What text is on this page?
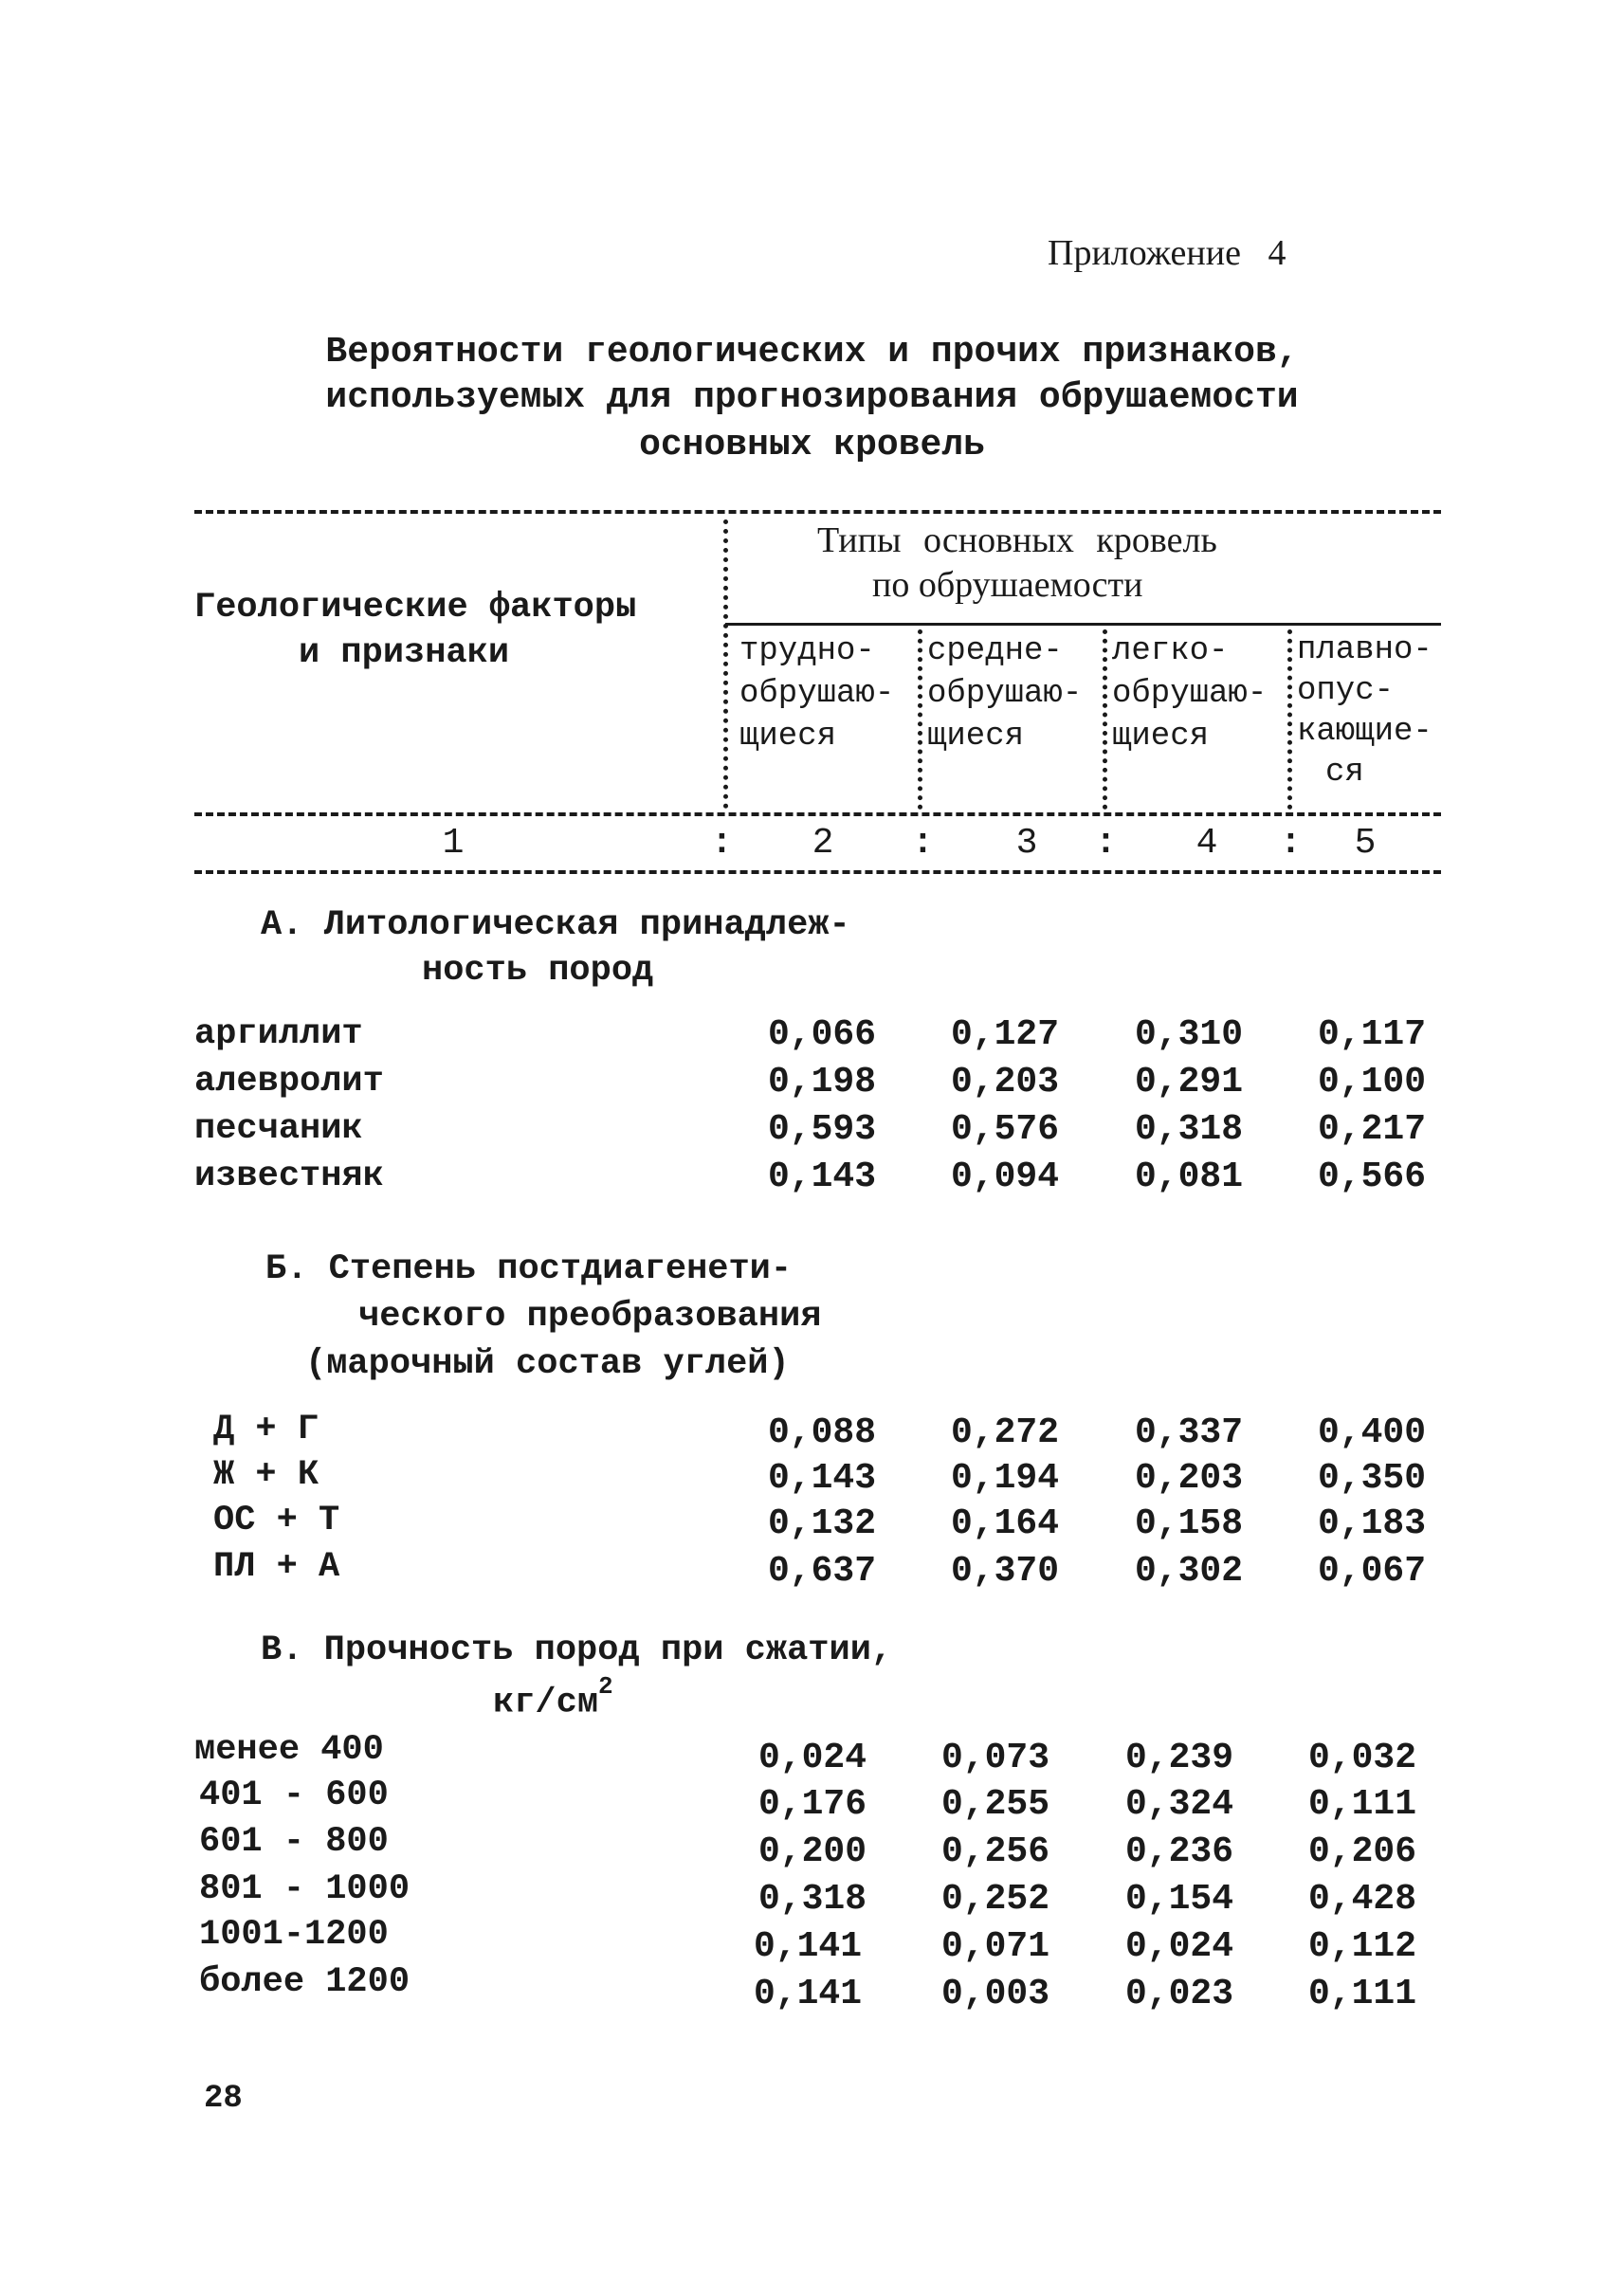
Приложение 4
Вероятности геологических и прочих признаков,
используемых для прогнозирования обрушаемости
основных кровель
Геологические факторы
и признаки
Типы основных кровель
по обрушаемости
трудно-
обрушаю-
щиеся
средне-
обрушаю-
щиеся
легко-
обрушаю-
щиеся
плавно-
опус-
кающие-
ся
1	: 2 : 3 : 4 : 5
А. Литологическая принадлеж-
ность пород
аргиллит	0,066 0,127 0,310 0,117
алевролит	0,198 0,203 0,291 0,100
песчаник	0,593 0,576 0,318 0,217
известняк	0,143 0,094 0,081 0,566
Б. Степень постдиагенети-
ческого преобразования
(марочный состав углей)
Д + Г	0,088 0,272 0,337 0,400
Ж + К	0,143 0,194 0,203 0,350
ОС + Т	0,132 0,164 0,158 0,183
ПЛ + А	0,637 0,370 0,302 0,067
В. Прочность пород при сжатии,
$кг/см^2$
менее 400	0,024 0,073 0,239 0,032
401 - 600	0,176 0,255 0,324 0,111
601 - 800	0,200 0,256 0,236 0,206
801 - 1000	0,318 0,252 0,154 0,428
1001-1200	0,141 0,071 0,024 0,112
более 1200	0,141 0,003 0,023 0,111
28
